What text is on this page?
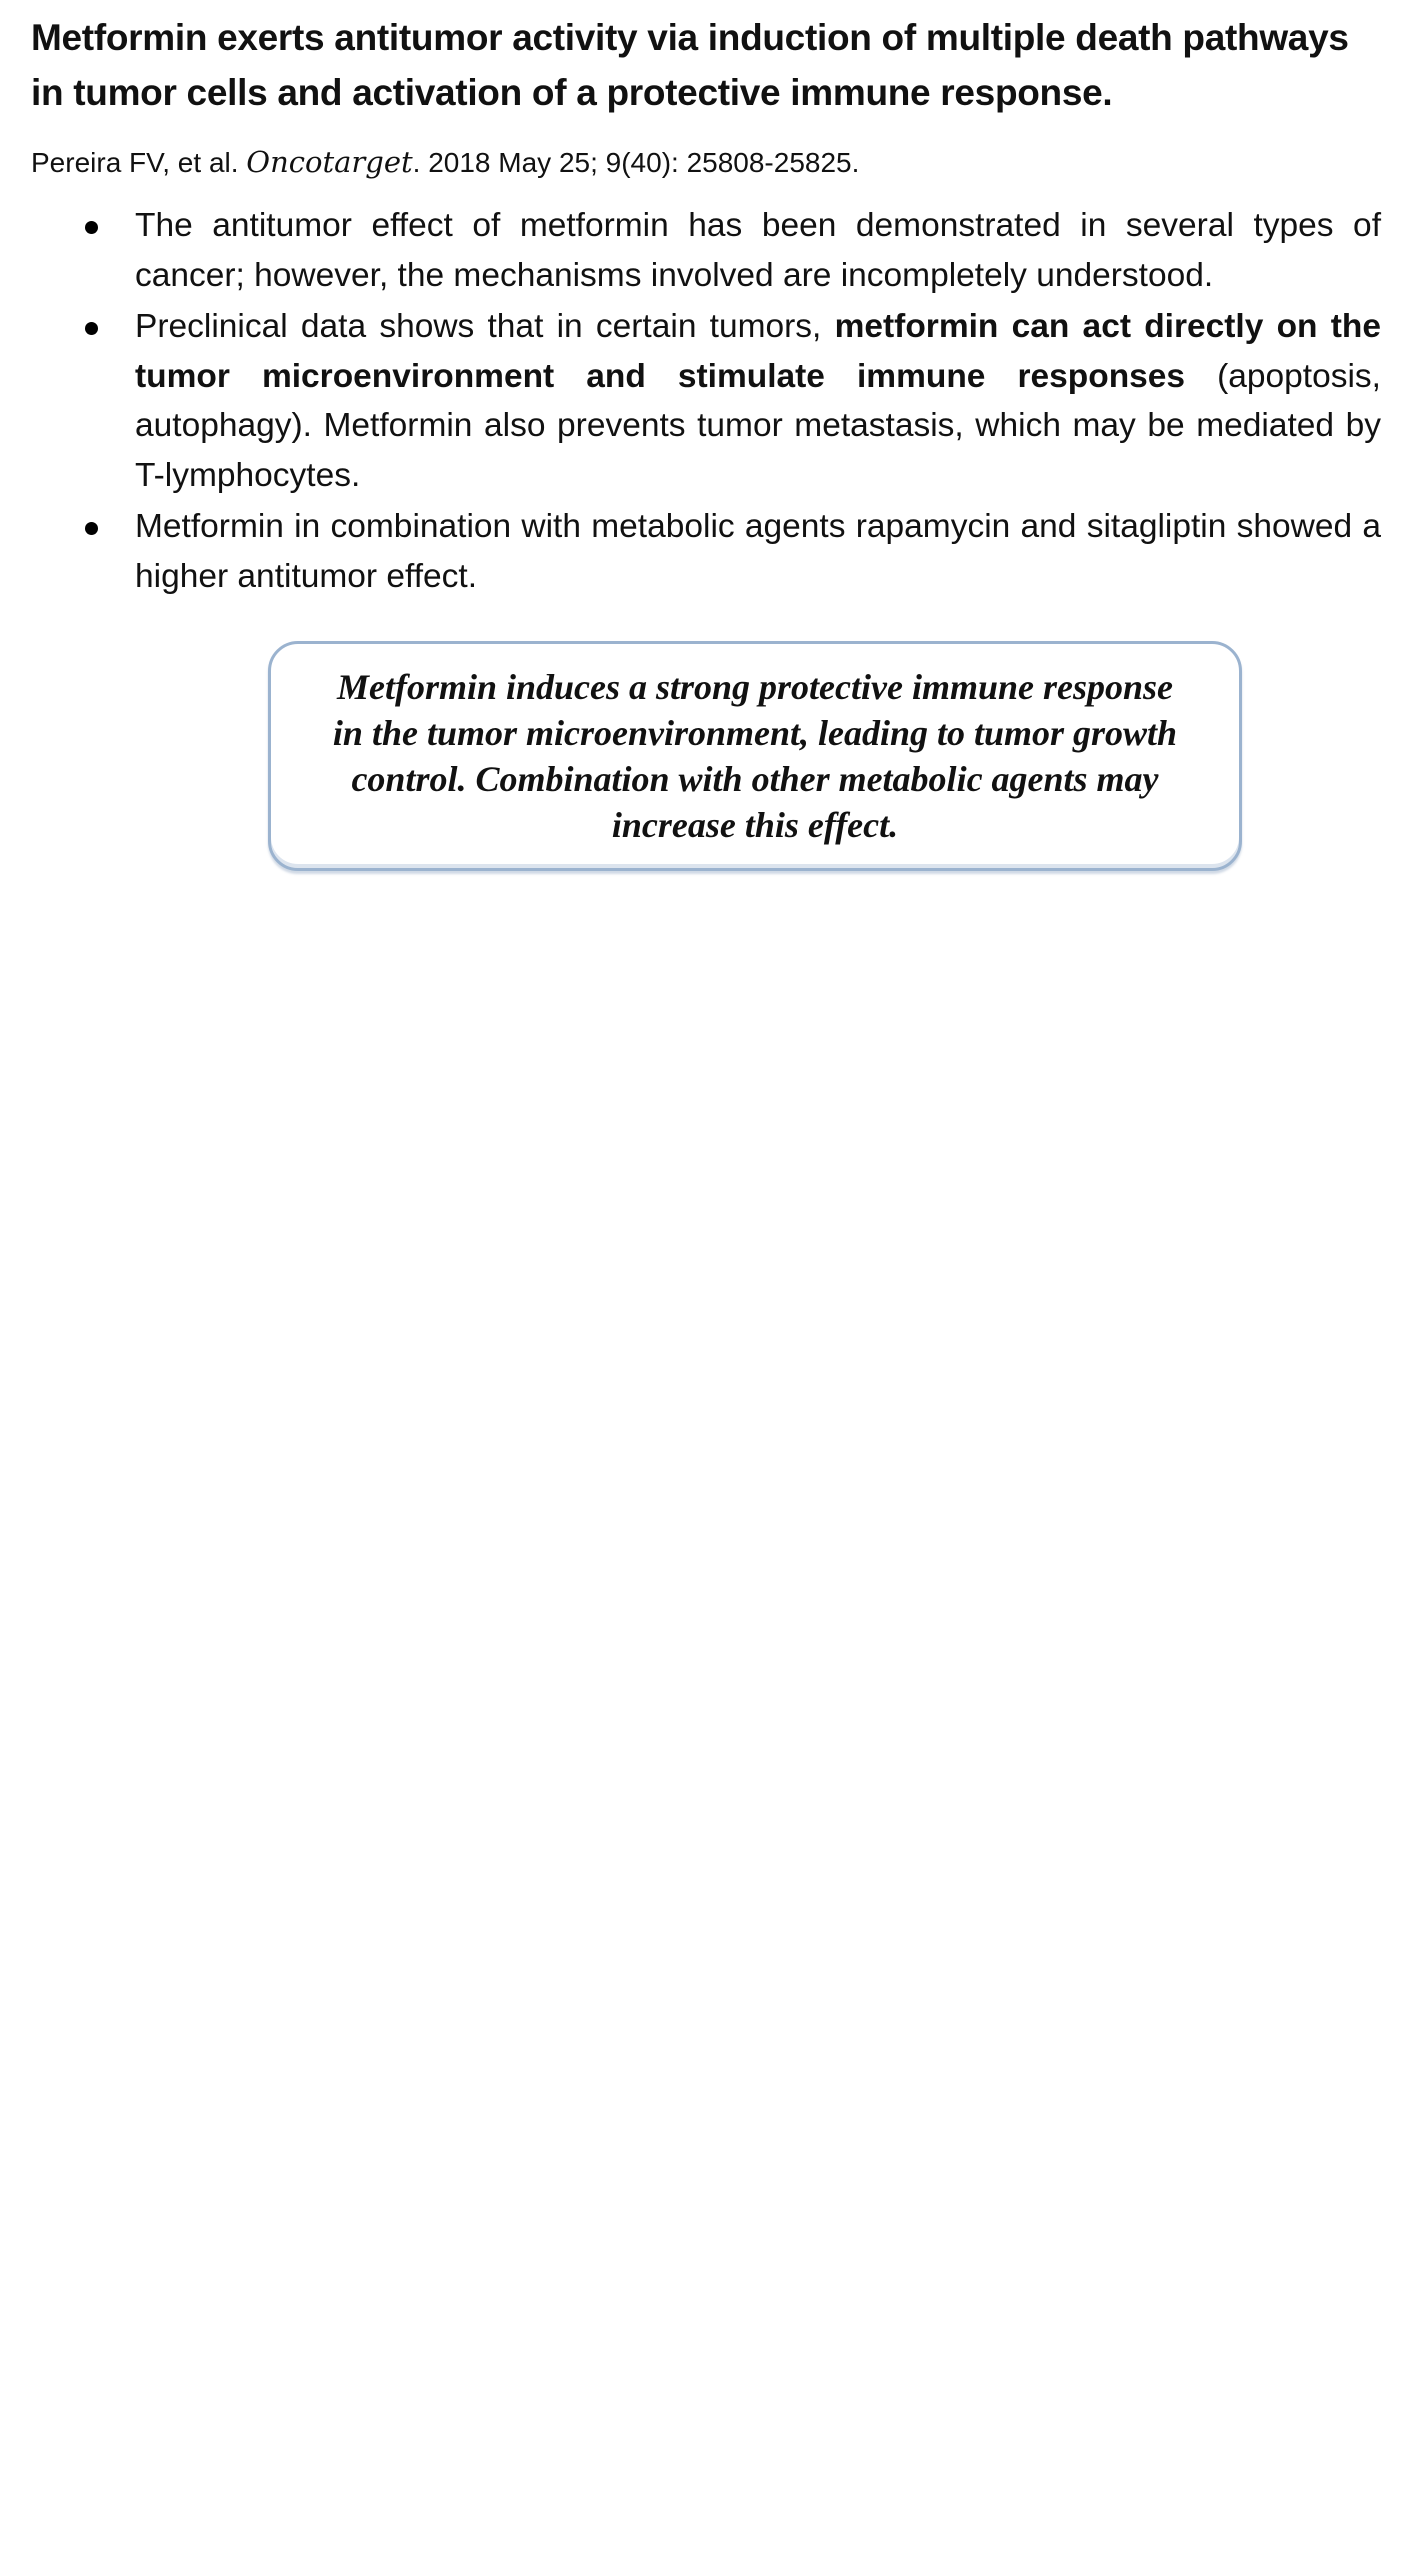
Metformin exerts antitumor activity via induction of multiple death pathways in tumor cells and activation of a protective immune response.
Pereira FV, et al. Oncotarget. 2018 May 25; 9(40): 25808-25825.
The antitumor effect of metformin has been demonstrated in several types of cancer; however, the mechanisms involved are incompletely understood.
Preclinical data shows that in certain tumors, metformin can act directly on the tumor microenvironment and stimulate immune responses (apoptosis, autophagy). Metformin also prevents tumor metastasis, which may be mediated by T-lymphocytes.
Metformin in combination with metabolic agents rapamycin and sitagliptin showed a higher antitumor effect.

Metformin induces a strong protective immune response in the tumor microenvironment, leading to tumor growth control. Combination with other metabolic agents may increase this effect.
